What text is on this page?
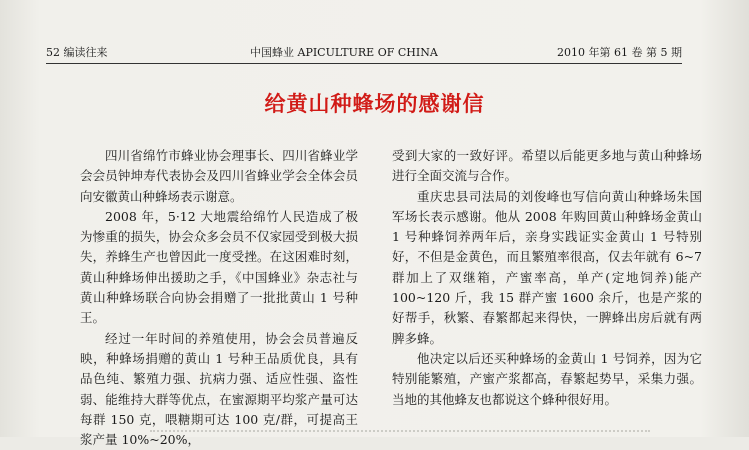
52 编读往来	中国蜂业 APICULTURE OF CHINA	2010 年第 61 卷 第 5 期
给黄山种蜂场的感谢信

四川省绵竹市蜂业协会理事长、四川省蜂业学会会员钟坤寿代表协会及四川省蜂业学会全体会员向安徽黄山种蜂场表示谢意。

2008 年，5·12 大地震给绵竹人民造成了极为惨重的损失，协会众多会员不仅家园受到极大损失，养蜂生产也曾因此一度受挫。在这困难时刻，黄山种蜂场伸出援助之手，《中国蜂业》杂志社与黄山种蜂场联合向协会捐赠了一批批黄山 1 号种王。

经过一年时间的养殖使用，协会会员普遍反映，种蜂场捐赠的黄山 1 号种王品质优良，具有品色纯、繁殖力强、抗病力强、适应性强、盗性弱、能维持大群等优点，在蜜源期平均浆产量可达每群 150 克，喂糖期可达 100 克/群，可提高王浆产量 10%~20%，

受到大家的一致好评。希望以后能更多地与黄山种蜂场进行全面交流与合作。

重庆忠县司法局的刘俊峰也写信向黄山种蜂场朱国军场长表示感谢。他从 2008 年购回黄山种蜂场金黄山 1 号种蜂饲养两年后，亲身实践证实金黄山 1 号特别好，不但是金黄色，而且繁殖率很高，仅去年就有 6~7 群加上了双继箱，产蜜率高，单产(定地饲养)能产 100~120 斤，我 15 群产蜜 1600 余斤，也是产浆的好帮手，秋繁、春繁都起来得快，一脾蜂出房后就有两脾多蜂。

他决定以后还买种蜂场的金黄山 1 号饲养，因为它特别能繁殖，产蜜产浆都高，春繁起势早，采集力强。当地的其他蜂友也都说这个蜂种很好用。
